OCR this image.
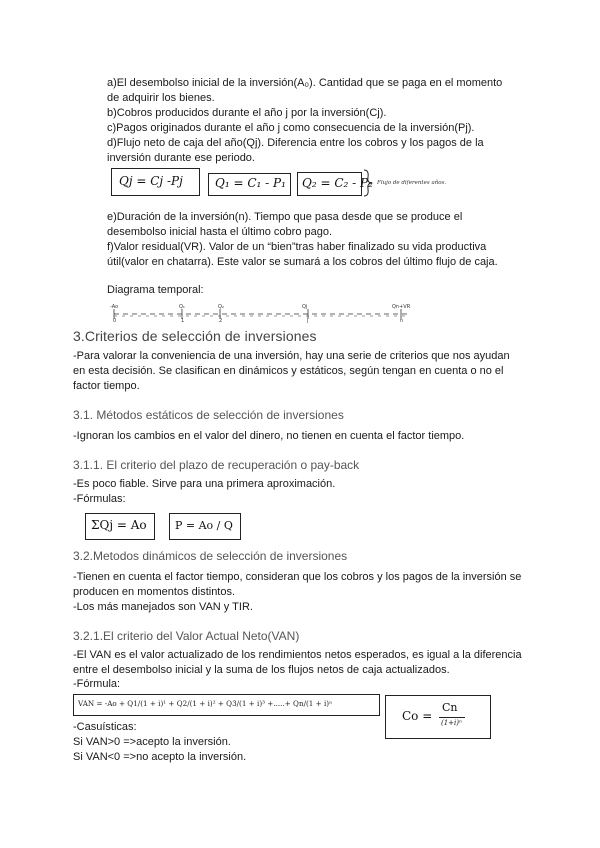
a)El desembolso inicial de la inversión(A₀). Cantidad que se paga en el momento
de adquirir los bienes.
b)Cobros producidos durante el año j por la inversión(Cj).
c)Pagos originados durante el año j como consecuencia de la inversión(Pj).
d)Flujo neto de caja del año(Qj). Diferencia entre los cobros y los pagos de la
inversión durante ese periodo.
Qj = Cj -Pj	Q₁ = C₁ - P₁ Q₂ = C₂ - P₂ Flujo de diferentes años.
e)Duración de la inversión(n). Tiempo que pasa desde que se produce el
desembolso inicial hasta el último cobro pago.
f)Valor residual(VR). Valor de un “bien”tras haber finalizado su vida productiva
útil(valor en chatarra). Este valor se sumará a los cobros del último flujo de caja.
Diagrama temporal:
-Ao	Q₁	Q₂	Qj	Qn+VR
0	1	2	j	n
3.Criterios de selección de inversiones
-Para valorar la conveniencia de una inversión, hay una serie de criterios que nos ayudan
en esta decisión. Se clasifican en dinámicos y estáticos, según tengan en cuenta o no el
factor tiempo.
3.1. Métodos estáticos de selección de inversiones
-Ignoran los cambios en el valor del dinero, no tienen en cuenta el factor tiempo.
3.1.1. El criterio del plazo de recuperación o pay-back
-Es poco fiable. Sirve para una primera aproximación.
-Fórmulas:
ΣQj = Ao	P = Ao / Q
3.2.Metodos dinámicos de selección de inversiones
-Tienen en cuenta el factor tiempo, consideran que los cobros y los pagos de la inversión se
producen en momentos distintos.
-Los más manejados son VAN y TIR.
3.2.1.El criterio del Valor Actual Neto(VAN)
-El VAN es el valor actualizado de los rendimientos netos esperados, es igual a la diferencia
entre el desembolso inicial y la suma de los flujos netos de caja actualizados.
-Fórmula:
VAN = -Ao + Q1/(1 + i)¹ + Q2/(1 + i)² + Q3/(1 + i)³ +.....+ Qn/(1 + i)ⁿ
Co =
Cn
(1+i)ⁿ
-Casuísticas:
Si VAN>0 =>acepto la inversión.
Si VAN<0 =>no acepto la inversión.
